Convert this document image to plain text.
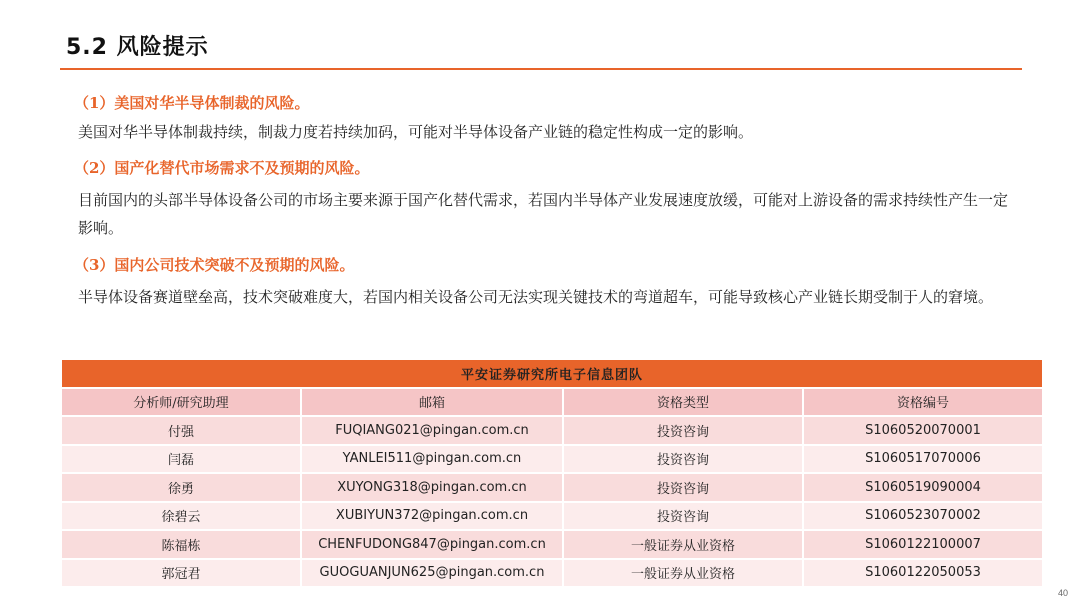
5.2 风险提示
（1）美国对华半导体制裁的风险。
美国对华半导体制裁持续，制裁力度若持续加码，可能对半导体设备产业链的稳定性构成一定的影响。
（2）国产化替代市场需求不及预期的风险。
目前国内的头部半导体设备公司的市场主要来源于国产化替代需求，若国内半导体产业发展速度放缓，可能对上游设备的需求持续性产生一定影响。
（3）国内公司技术突破不及预期的风险。
半导体设备赛道壁垒高，技术突破难度大，若国内相关设备公司无法实现关键技术的弯道超车，可能导致核心产业链长期受制于人的窘境。
平安证券研究所电子信息团队			
分析师/研究助理	邮箱	资格类型	资格编号
付强	FUQIANG021@pingan.com.cn	投资咨询	S1060520070001
闫磊	YANLEI511@pingan.com.cn	投资咨询	S1060517070006
徐勇	XUYONG318@pingan.com.cn	投资咨询	S1060519090004
徐碧云	XUBIYUN372@pingan.com.cn	投资咨询	S1060523070002
陈福栋	CHENFUDONG847@pingan.com.cn	一般证券从业资格	S1060122100007
郭冠君	GUOGUANJUN625@pingan.com.cn	一般证券从业资格	S1060122050053
40
